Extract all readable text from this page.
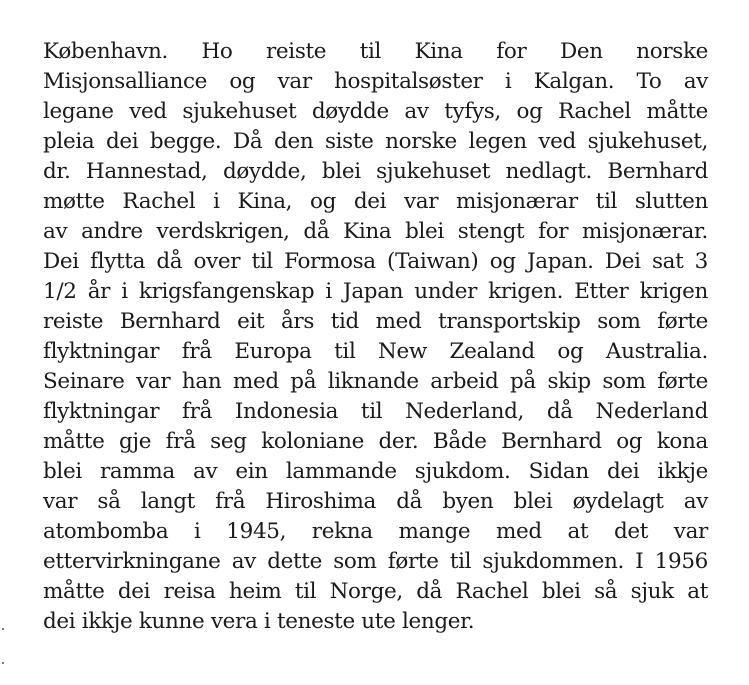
København. Ho reiste til Kina for Den norske
Misjonsalliance og var hospitalsøster i Kalgan. To av
legane ved sjukehuset døydde av tyfys, og Rachel måtte
pleia dei begge. Då den siste norske legen ved sjukehuset,
dr. Hannestad, døydde, blei sjukehuset nedlagt. Bernhard
møtte Rachel i Kina, og dei var misjonærar til slutten
av andre verdskrigen, då Kina blei stengt for misjonærar.
Dei flytta då over til Formosa (Taiwan) og Japan. Dei sat 3
1/2 år i krigsfangenskap i Japan under krigen. Etter krigen
reiste Bernhard eit års tid med transportskip som førte
flyktningar frå Europa til New Zealand og Australia.
Seinare var han med på liknande arbeid på skip som førte
flyktningar frå Indonesia til Nederland, då Nederland
måtte gje frå seg koloniane der. Både Bernhard og kona
blei ramma av ein lammande sjukdom. Sidan dei ikkje
var så langt frå Hiroshima då byen blei øydelagt av
atombomba i 1945, rekna mange med at det var
ettervirkningane av dette som førte til sjukdommen. I 1956
måtte dei reisa heim til Norge, då Rachel blei så sjuk at
dei ikkje kunne vera i teneste ute lenger.
